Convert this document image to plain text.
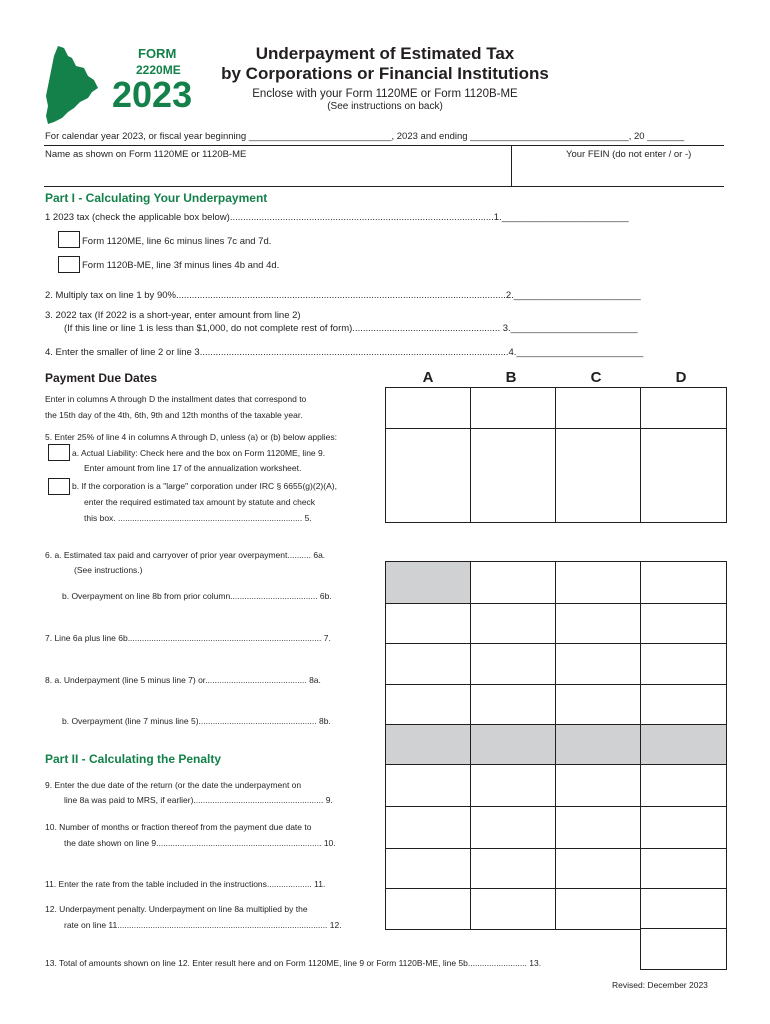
FORM
2220ME
2023
Underpayment of Estimated Tax
by Corporations or Financial Institutions
Enclose with your Form 1120ME or Form 1120B-ME
(See instructions on back)
For calendar year 2023, or fiscal year beginning ___________________________, 2023 and ending ______________________________, 20 _______
Name as shown on Form 1120ME or 1120B-ME	Your FEIN (do not enter / or -)
Part I - Calculating Your Underpayment
1 2023 tax (check the applicable box below)....................................................................................................1.________________________
Form 1120ME, line 6c minus lines 7c and 7d.
Form 1120B-ME, line 3f minus lines 4b and 4d.
2. Multiply tax on line 1 by 90%.............................................................................................................................2.________________________
3. 2022 tax (If 2022 is a short-year, enter amount from line 2)
(If this line or line 1 is less than $1,000, do not complete rest of form)........................................................ 3.________________________
4. Enter the smaller of line 2 or line 3.....................................................................................................................4.________________________
Payment Due Dates	A	B	C	D
Enter in columns A through D the installment dates that correspond to
the 15th day of the 4th, 6th, 9th and 12th months of the taxable year.
5. Enter 25% of line 4 in columns A through D, unless (a) or (b) below applies:
a. Actual Liability: Check here and the box on Form 1120ME, line 9.
Enter amount from line 17 of the annualization worksheet.
b. If the corporation is a "large" corporation under IRC § 6655(g)(2)(A),
enter the required estimated tax amount by statute and check
this box. .............................................................................. 5.
6. a. Estimated tax paid and carryover of prior year overpayment.......... 6a.
(See instructions.)
b. Overpayment on line 8b from prior column..................................... 6b.
7. Line 6a plus line 6b.................................................................................. 7.
8. a. Underpayment (line 5 minus line 7) or........................................... 8a.
b. Overpayment (line 7 minus line 5).................................................. 8b.
Part II - Calculating the Penalty
9. Enter the due date of the return (or the date the underpayment on
line 8a was paid to MRS, if earlier)....................................................... 9.
10. Number of months or fraction thereof from the payment due date to
the date shown on line 9...................................................................... 10.
11. Enter the rate from the table included in the instructions................... 11.
12. Underpayment penalty. Underpayment on line 8a multiplied by the
rate on line 11......................................................................................... 12.
13. Total of amounts shown on line 12. Enter result here and on Form 1120ME, line 9 or Form 1120B-ME, line 5b......................... 13.
Revised: December 2023
